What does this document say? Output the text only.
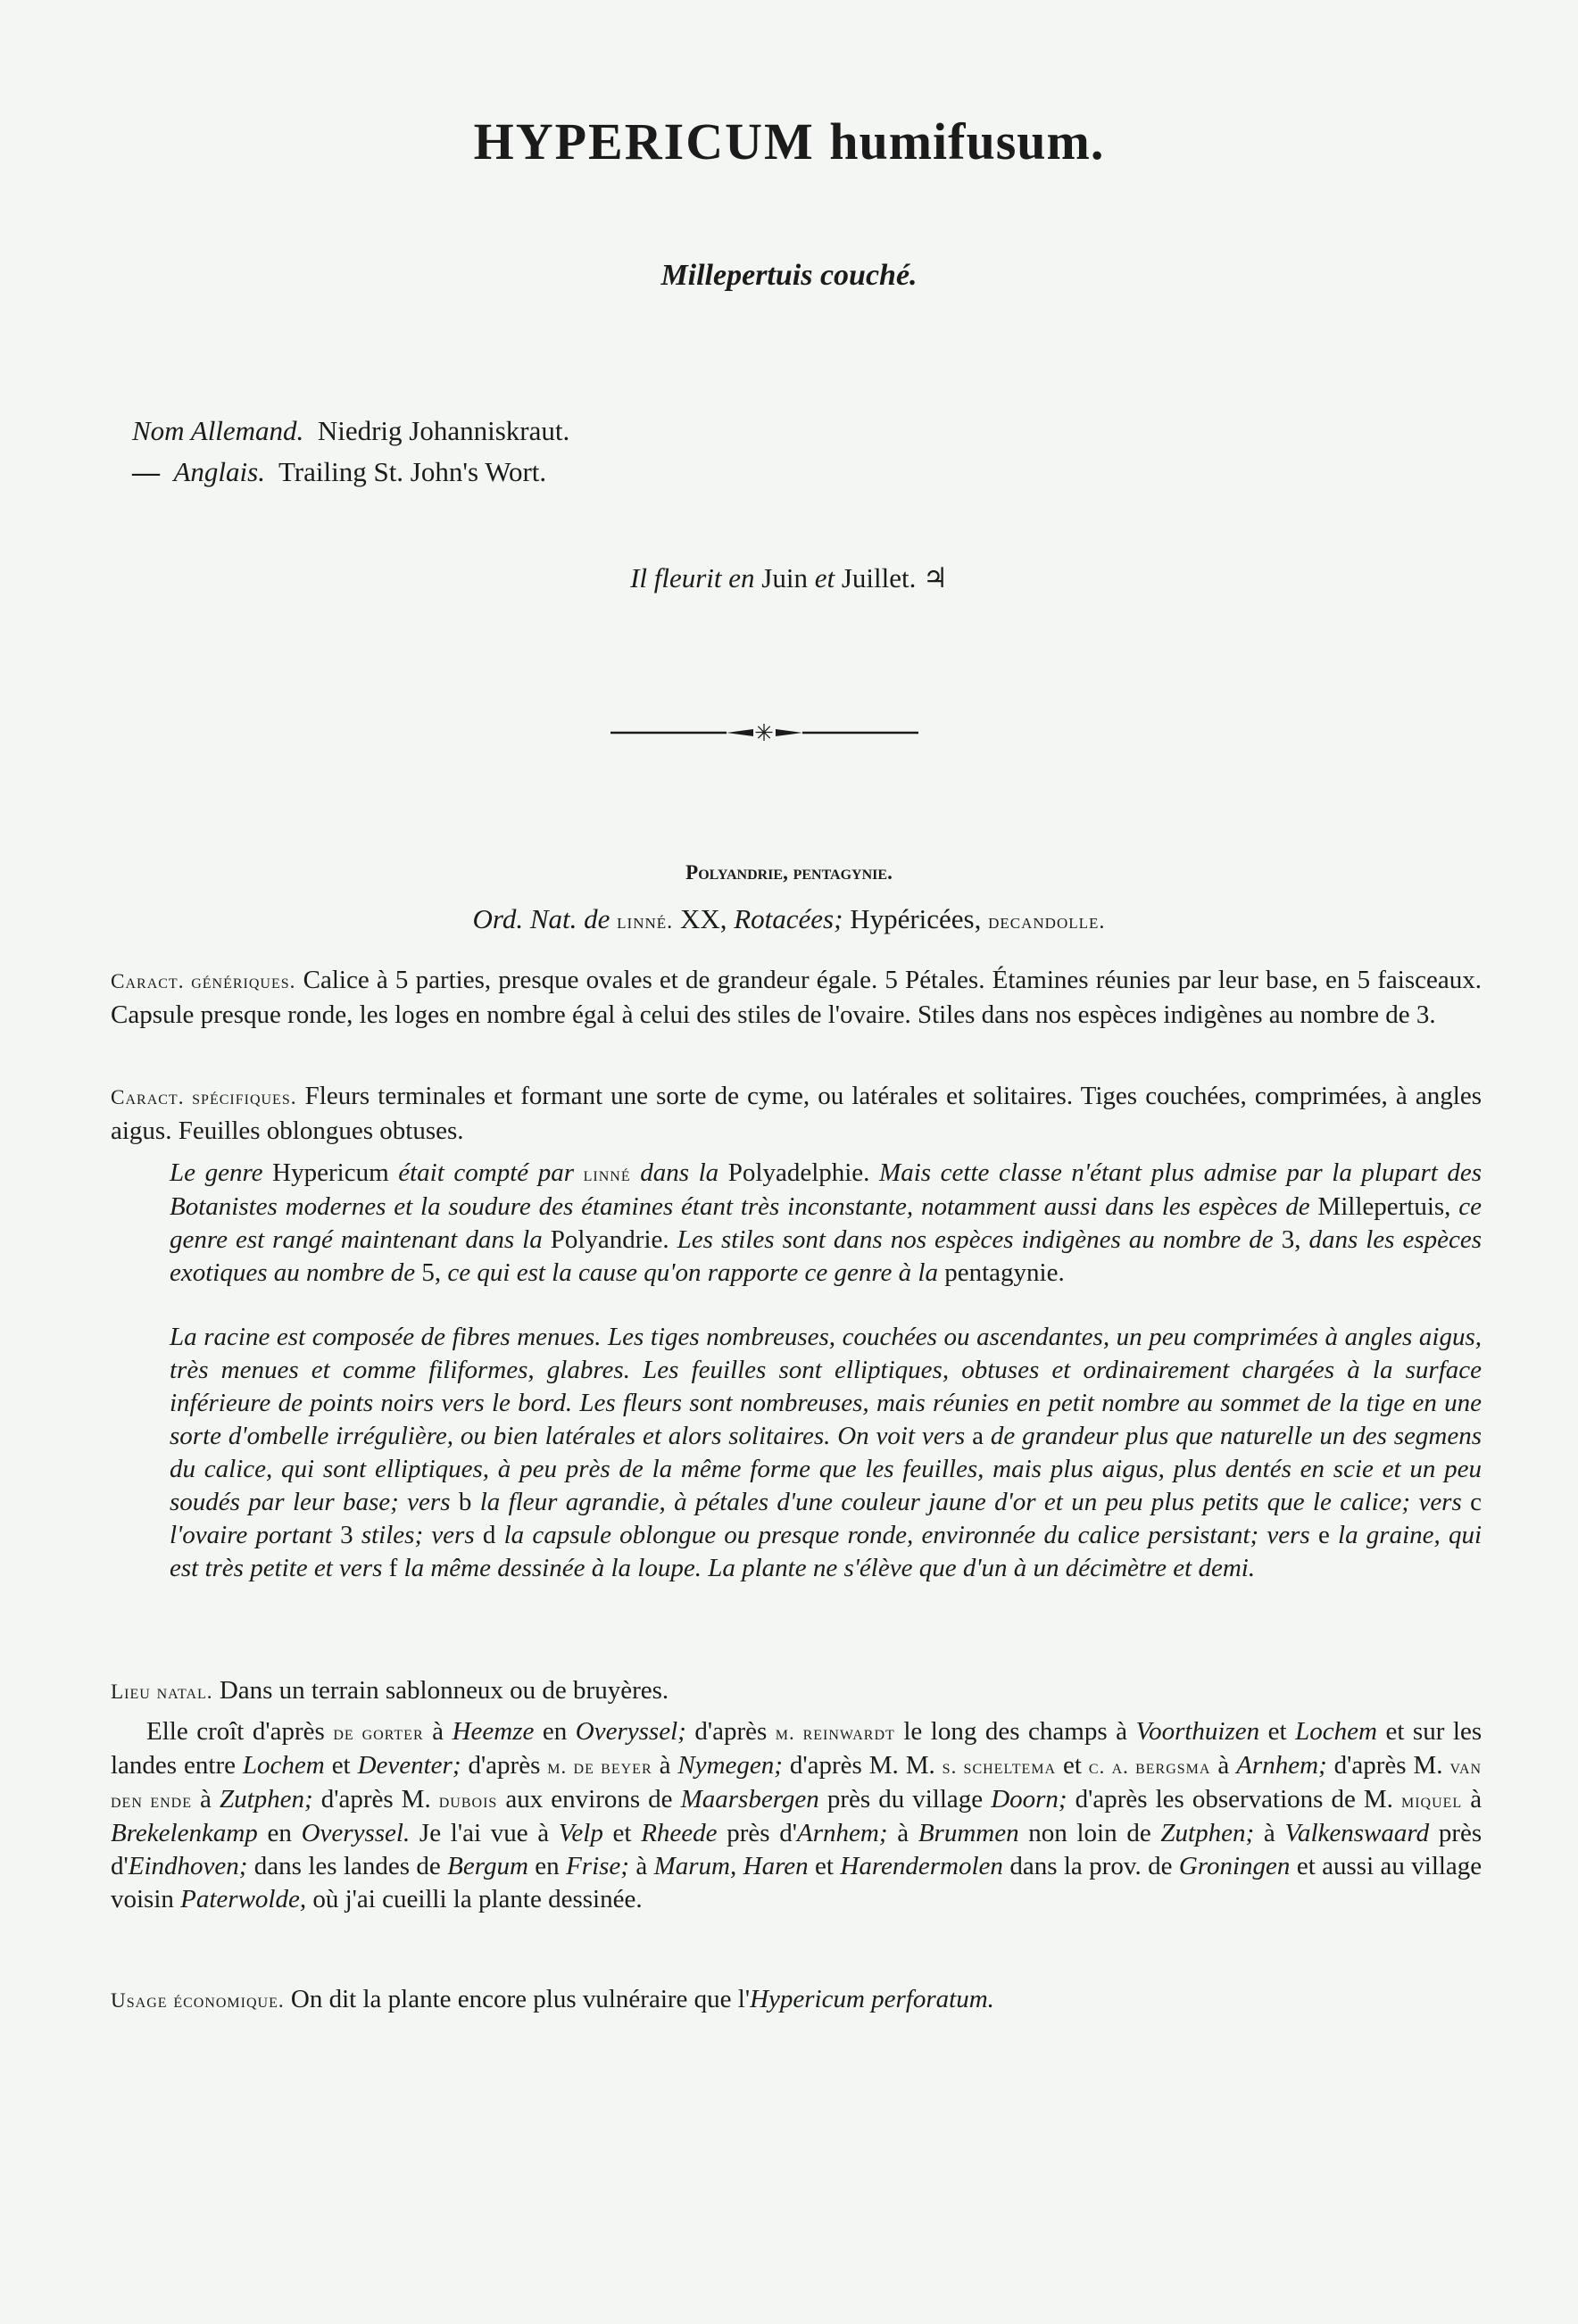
HYPERICUM humifusum.
Millepertuis couché.
Nom Allemand. Niedrig Johanniskraut.
— Anglais. Trailing St. John's Wort.
Il fleurit en Juin et Juillet. ♃
✳
Polyandrie, pentagynie.
Ord. Nat. de linné. XX, Rotacées; Hypéricées, decandolle.
Caract. génériques. Calice à 5 parties, presque ovales et de grandeur égale. 5 Pétales. Étamines réunies par leur base, en 5 faisceaux. Capsule presque ronde, les loges en nombre égal à celui des stiles de l'ovaire. Stiles dans nos espèces indigènes au nombre de 3.
Caract. spécifiques. Fleurs terminales et formant une sorte de cyme, ou latérales et solitaires. Tiges couchées, comprimées, à angles aigus. Feuilles oblongues obtuses.
Le genre Hypericum était compté par linné dans la Polyadelphie. Mais cette classe n'étant plus admise par la plupart des Botanistes modernes et la soudure des étamines étant très inconstante, notamment aussi dans les espèces de Millepertuis, ce genre est rangé maintenant dans la Polyandrie. Les stiles sont dans nos espèces indigènes au nombre de 3, dans les espèces exotiques au nombre de 5, ce qui est la cause qu'on rapporte ce genre à la pentagynie.
La racine est composée de fibres menues. Les tiges nombreuses, couchées ou ascendantes, un peu comprimées à angles aigus, très menues et comme filiformes, glabres. Les feuilles sont elliptiques, obtuses et ordinairement chargées à la surface inférieure de points noirs vers le bord. Les fleurs sont nombreuses, mais réunies en petit nombre au sommet de la tige en une sorte d'ombelle irrégulière, ou bien latérales et alors solitaires. On voit vers a de grandeur plus que naturelle un des segmens du calice, qui sont elliptiques, à peu près de la même forme que les feuilles, mais plus aigus, plus dentés en scie et un peu soudés par leur base; vers b la fleur agrandie, à pétales d'une couleur jaune d'or et un peu plus petits que le calice; vers c l'ovaire portant 3 stiles; vers d la capsule oblongue ou presque ronde, environnée du calice persistant; vers e la graine, qui est très petite et vers f la même dessinée à la loupe. La plante ne s'élève que d'un à un décimètre et demi.
Lieu natal. Dans un terrain sablonneux ou de bruyères.
Elle croît d'après de gorter à Heemze en Overyssel; d'après m. reinwardt le long des champs à Voorthuizen et Lochem et sur les landes entre Lochem et Deventer; d'après m. de beyer à Nymegen; d'après M. M. s. scheltema et c. a. bergsma à Arnhem; d'après M. van den ende à Zutphen; d'après M. dubois aux environs de Maarsbergen près du village Doorn; d'après les observations de M. miquel à Brekelenkamp en Overyssel. Je l'ai vue à Velp et Rheede près d'Arnhem; à Brummen non loin de Zutphen; à Valkenswaard près d'Eindhoven; dans les landes de Bergum en Frise; à Marum, Haren et Harendermolen dans la prov. de Groningen et aussi au village voisin Paterwolde, où j'ai cueilli la plante dessinée.
Usage économique. On dit la plante encore plus vulnéraire que l'Hypericum perforatum.
